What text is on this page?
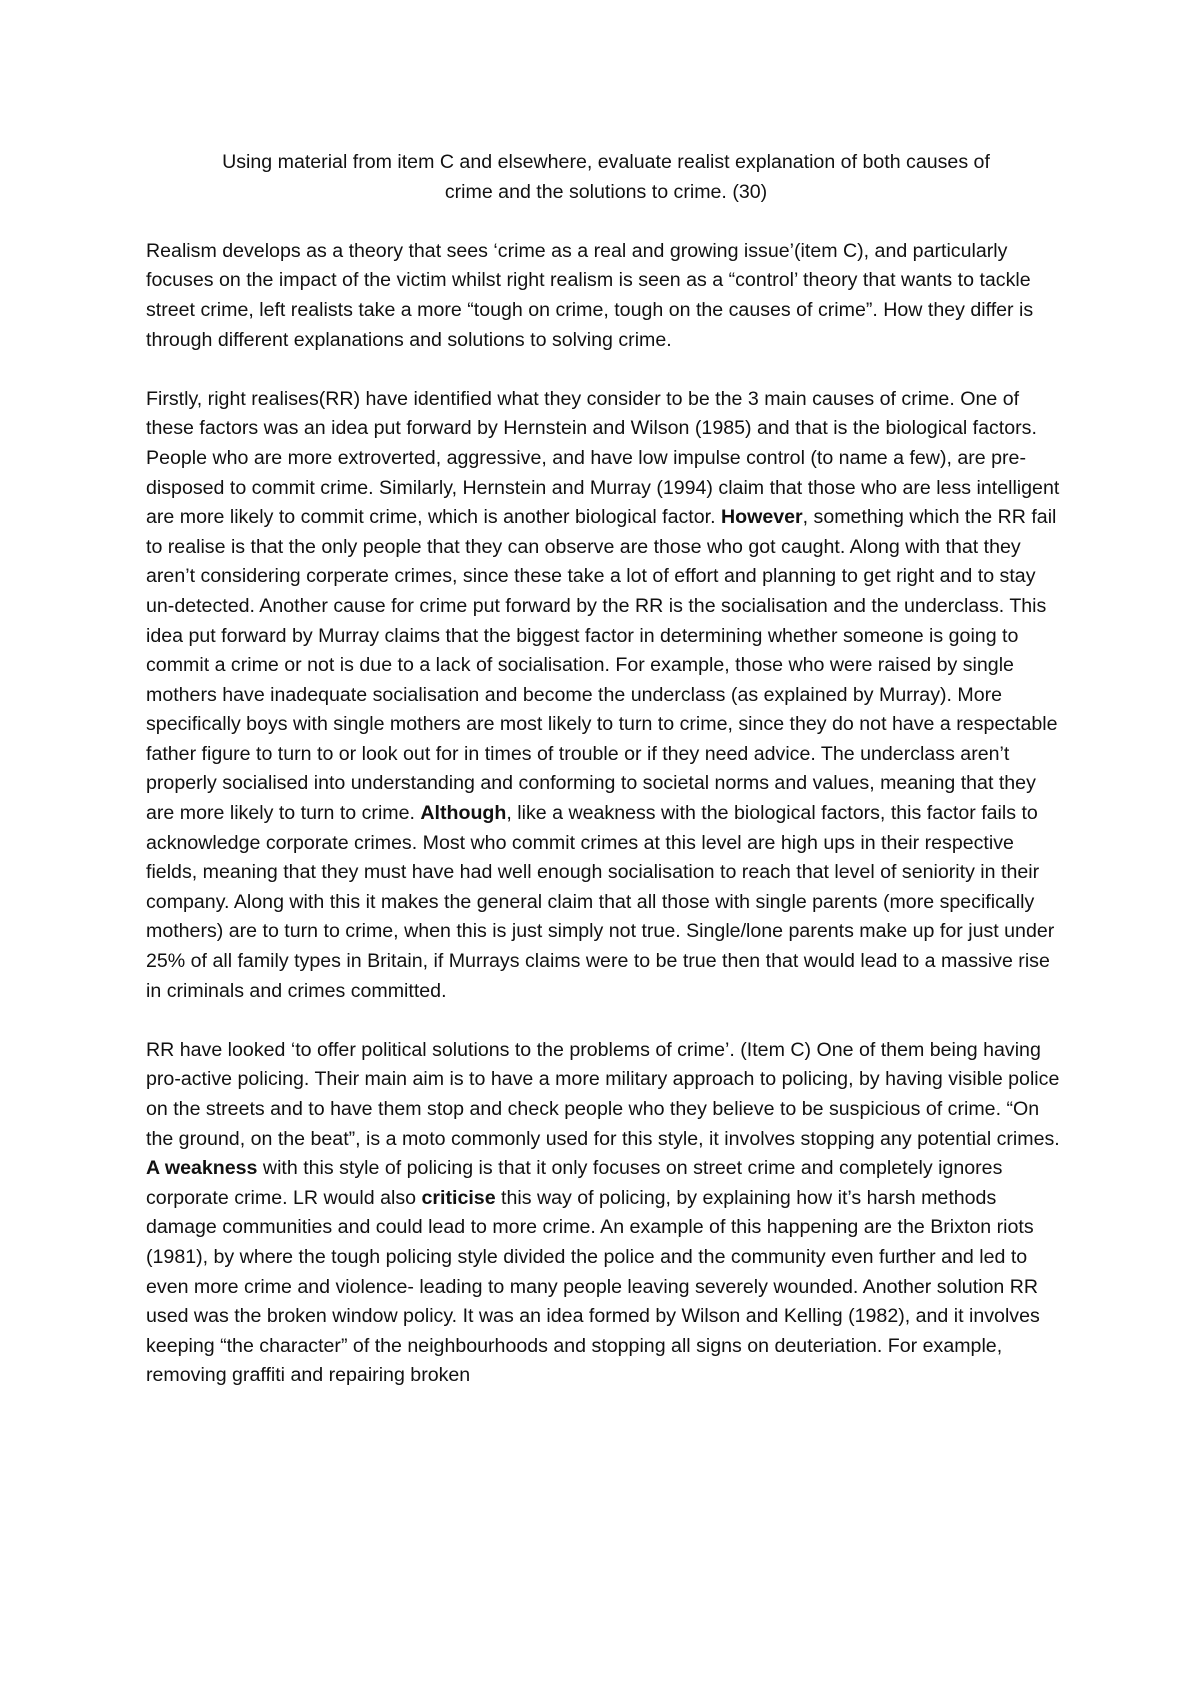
Using material from item C and elsewhere, evaluate realist explanation of both causes of
crime and the solutions to crime. (30)

Realism develops as a theory that sees ‘crime as a real and growing issue’(item C), and particularly focuses on the impact of the victim whilst right realism is seen as a “control’ theory that wants to tackle street crime, left realists take a more “tough on crime, tough on the causes of crime”. How they differ is through different explanations and solutions to solving crime.

Firstly, right realises(RR) have identified what they consider to be the 3 main causes of crime. One of these factors was an idea put forward by Hernstein and Wilson (1985) and that is the biological factors. People who are more extroverted, aggressive, and have low impulse control (to name a few), are pre-disposed to commit crime. Similarly, Hernstein and Murray (1994) claim that those who are less intelligent are more likely to commit crime, which is another biological factor. However, something which the RR fail to realise is that the only people that they can observe are those who got caught. Along with that they aren’t considering corperate crimes, since these take a lot of effort and planning to get right and to stay un-detected. Another cause for crime put forward by the RR is the socialisation and the underclass. This idea put forward by Murray claims that the biggest factor in determining whether someone is going to commit a crime or not is due to a lack of socialisation. For example, those who were raised by single mothers have inadequate socialisation and become the underclass (as explained by Murray). More specifically boys with single mothers are most likely to turn to crime, since they do not have a respectable father figure to turn to or look out for in times of trouble or if they need advice. The underclass aren’t properly socialised into understanding and conforming to societal norms and values, meaning that they are more likely to turn to crime. Although, like a weakness with the biological factors, this factor fails to acknowledge corporate crimes. Most who commit crimes at this level are high ups in their respective fields, meaning that they must have had well enough socialisation to reach that level of seniority in their company. Along with this it makes the general claim that all those with single parents (more specifically mothers) are to turn to crime, when this is just simply not true. Single/lone parents make up for just under 25% of all family types in Britain, if Murrays claims were to be true then that would lead to a massive rise in criminals and crimes committed.

RR have looked ‘to offer political solutions to the problems of crime’. (Item C) One of them being having pro-active policing. Their main aim is to have a more military approach to policing, by having visible police on the streets and to have them stop and check people who they believe to be suspicious of crime. “On the ground, on the beat”, is a moto commonly used for this style, it involves stopping any potential crimes. A weakness with this style of policing is that it only focuses on street crime and completely ignores corporate crime. LR would also criticise this way of policing, by explaining how it’s harsh methods damage communities and could lead to more crime. An example of this happening are the Brixton riots (1981), by where the tough policing style divided the police and the community even further and led to even more crime and violence- leading to many people leaving severely wounded. Another solution RR used was the broken window policy. It was an idea formed by Wilson and Kelling (1982), and it involves keeping “the character” of the neighbourhoods and stopping all signs on deuteriation. For example, removing graffiti and repairing broken
